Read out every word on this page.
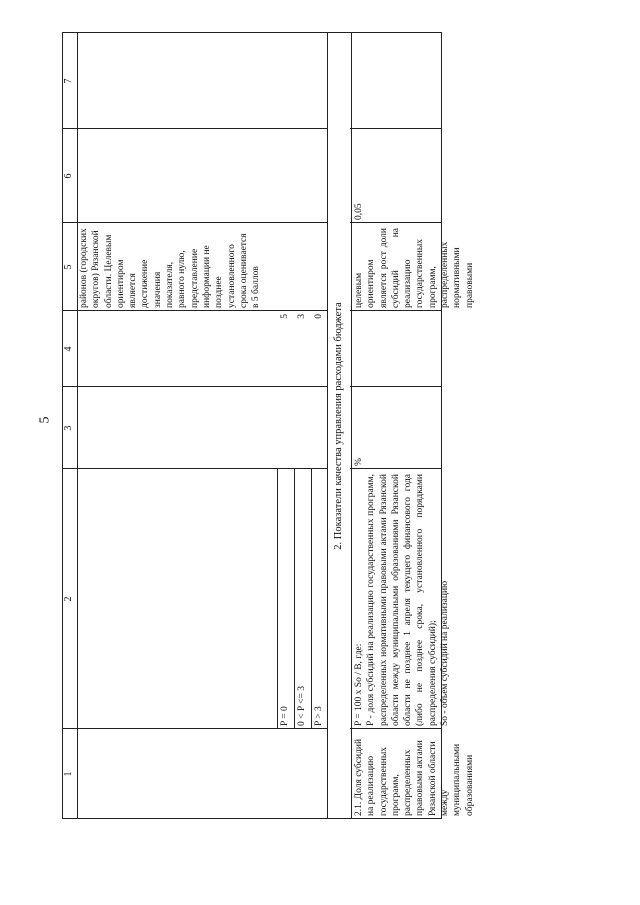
5
1
2
3
4
5
6
7
районов (городских округов) Рязанской области. Целевым ориентиром является достижение значения показателя, равного нулю, представление информации не позднее установленного срока оценивается в 5 баллов
P = 0
5
0 < P <= 3
3
P > 3
0 2. Показатели качества управления расходами бюджета
2.1. Доля субсидий на реализацию государственных программ, распределенных правовыми актами Рязанской области между муниципальными образованиями
P = 100 x So / B, где: P - доля субсидий на реализацию государственных программ, распределенных нормативными правовыми актами Рязанской области между муниципальными образованиями Рязанской области не позднее 1 апреля текущего финансового года (либо не позднее срока, установленного порядками распределения субсидий); So - объем субсидий на реализацию
%
целевым ориентиром является рост доли субсидий на реализацию государственных программ, распределенных нормативными правовыми
0,05
